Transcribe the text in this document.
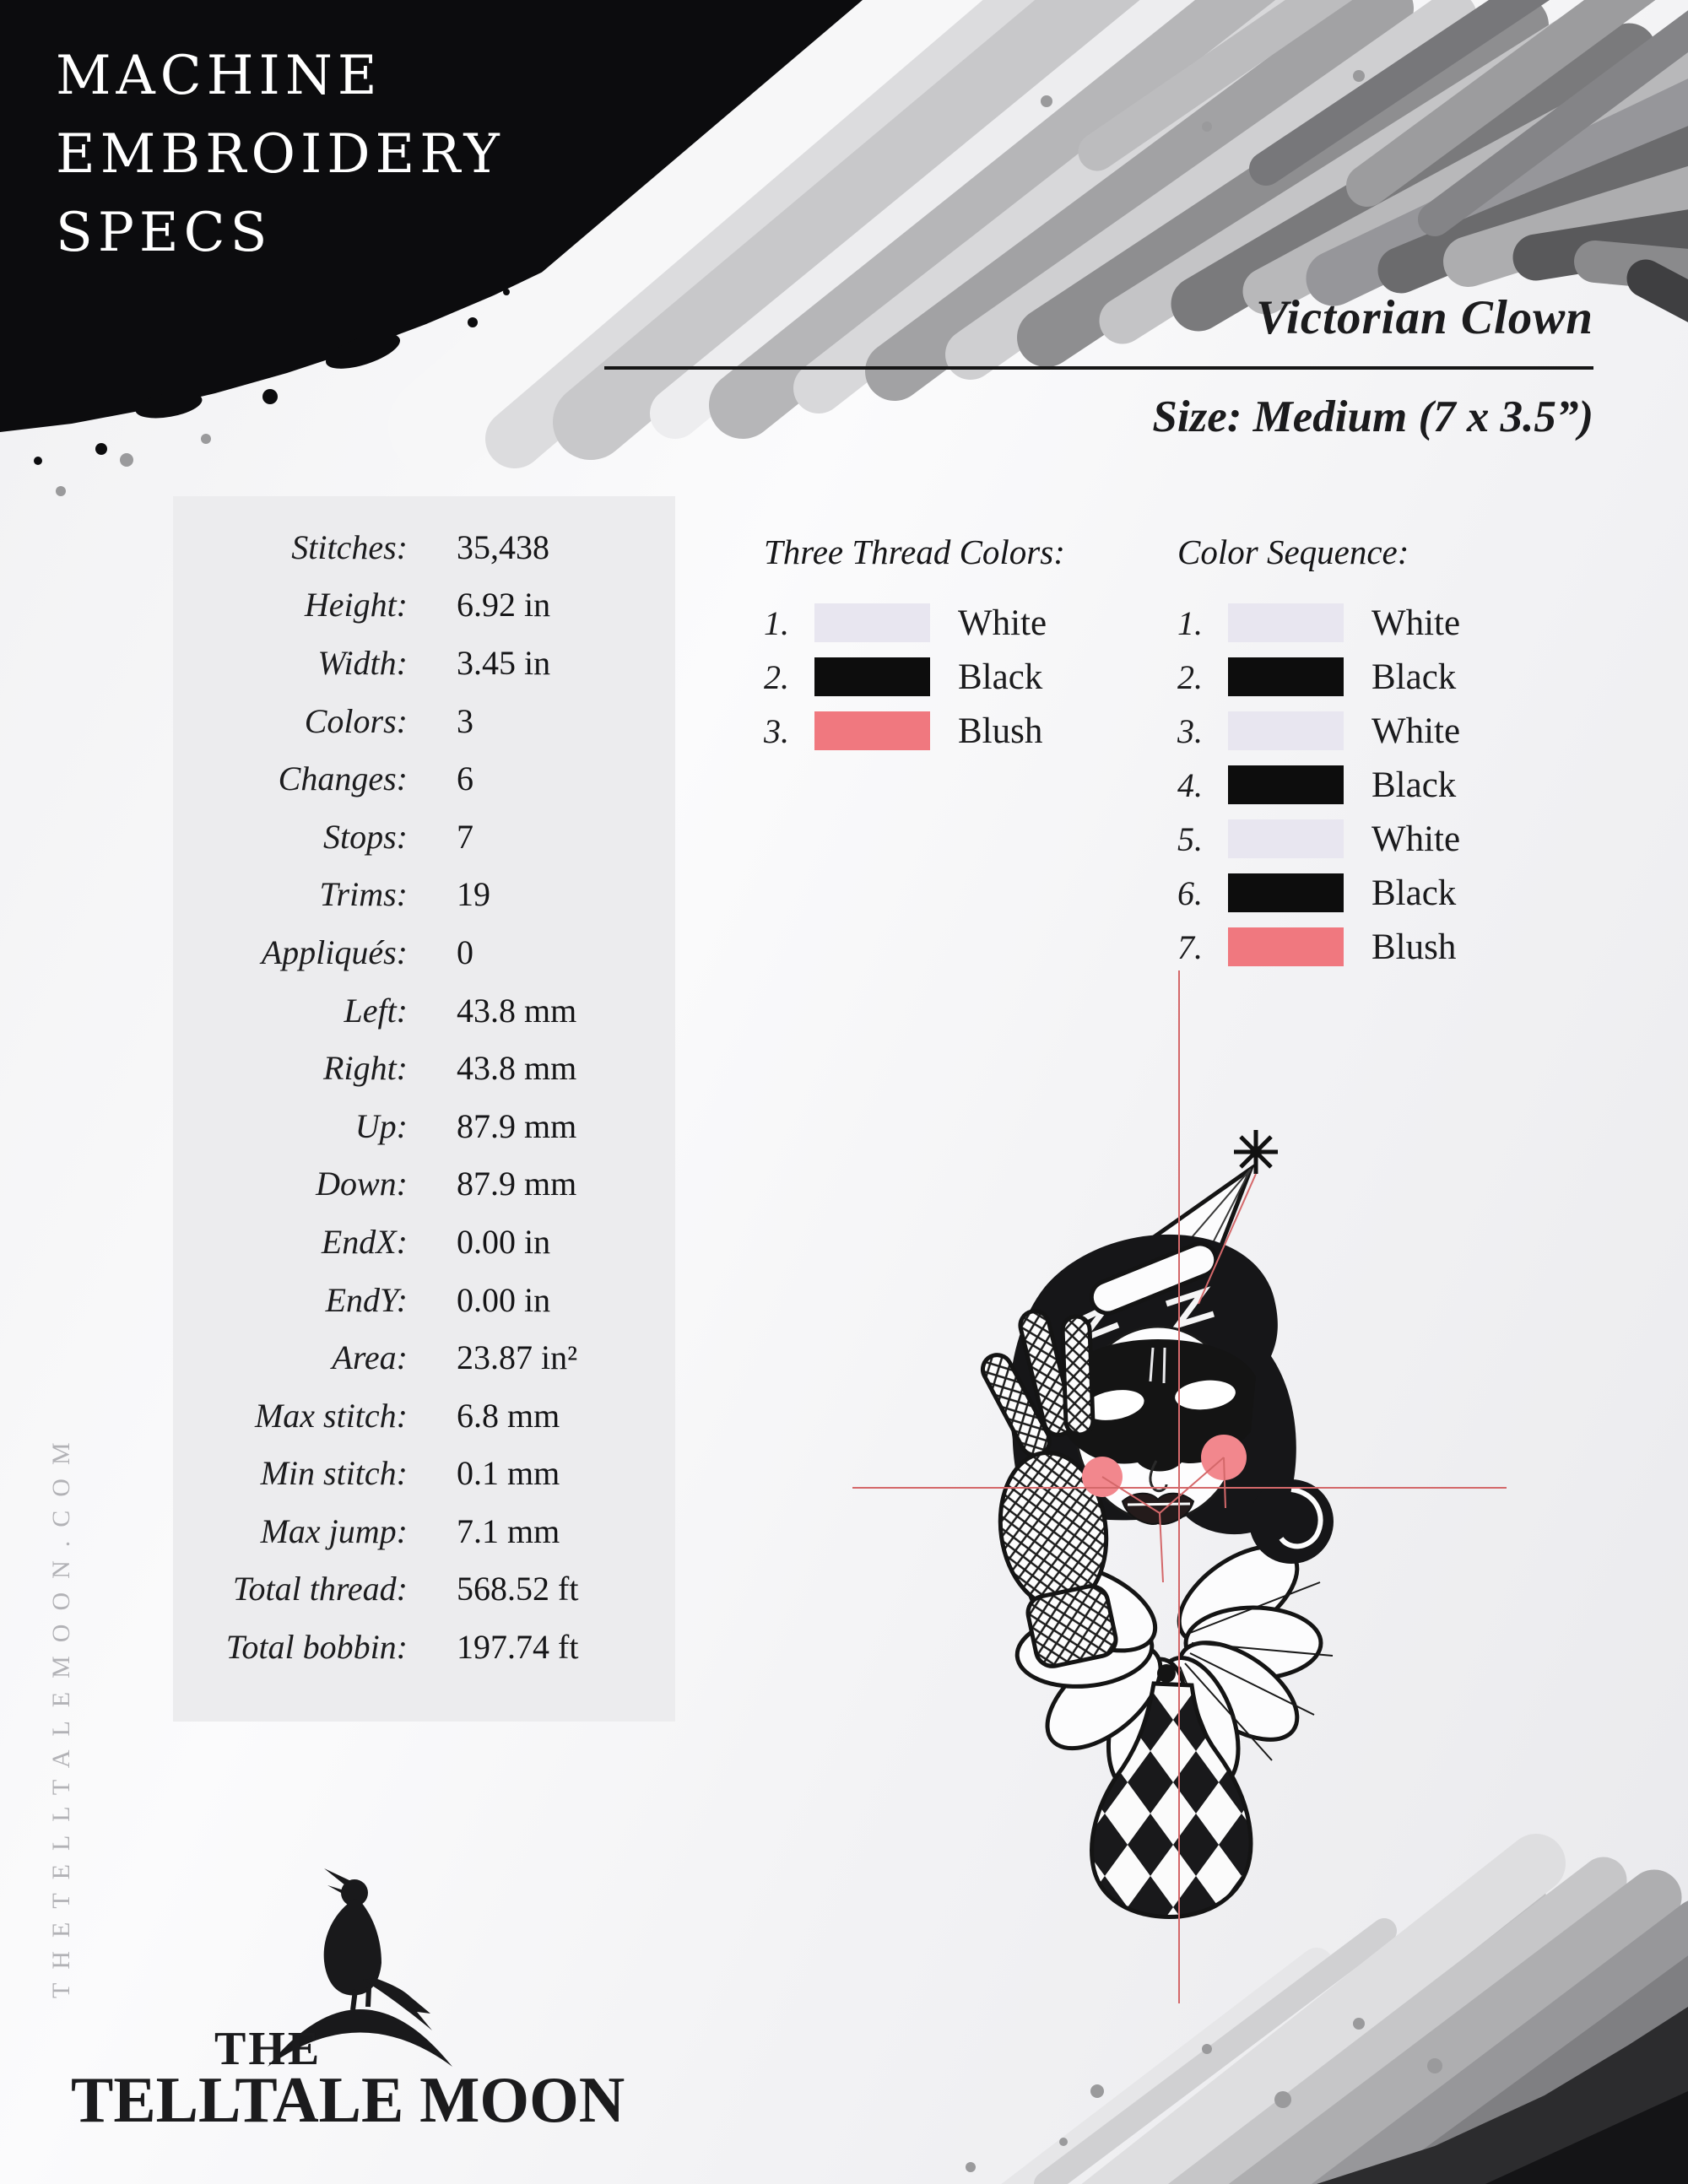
MACHINE
EMBROIDERY
SPECS
Victorian Clown
Size: Medium (7 x 3.5”)
Stitches: 35,438
Height: 6.92 in
Width: 3.45 in
Colors: 3
Changes: 6
Stops: 7
Trims: 19
Appliqués: 0
Left: 43.8 mm
Right: 43.8 mm
Up: 87.9 mm
Down: 87.9 mm
EndX: 0.00 in
EndY: 0.00 in
Area: 23.87 in²
Max stitch: 6.8 mm
Min stitch: 0.1 mm
Max jump: 7.1 mm
Total thread: 568.52 ft
Total bobbin: 197.74 ft
Three Thread Colors:
1.	White
2.	Black
3.	Blush
Color Sequence:
1.	White
2.	Black
3.	White
4.	Black
5.	White
6.	Black
7.	Blush
THETELLTALEMOON.COM
THE
TELLTALE MOON
